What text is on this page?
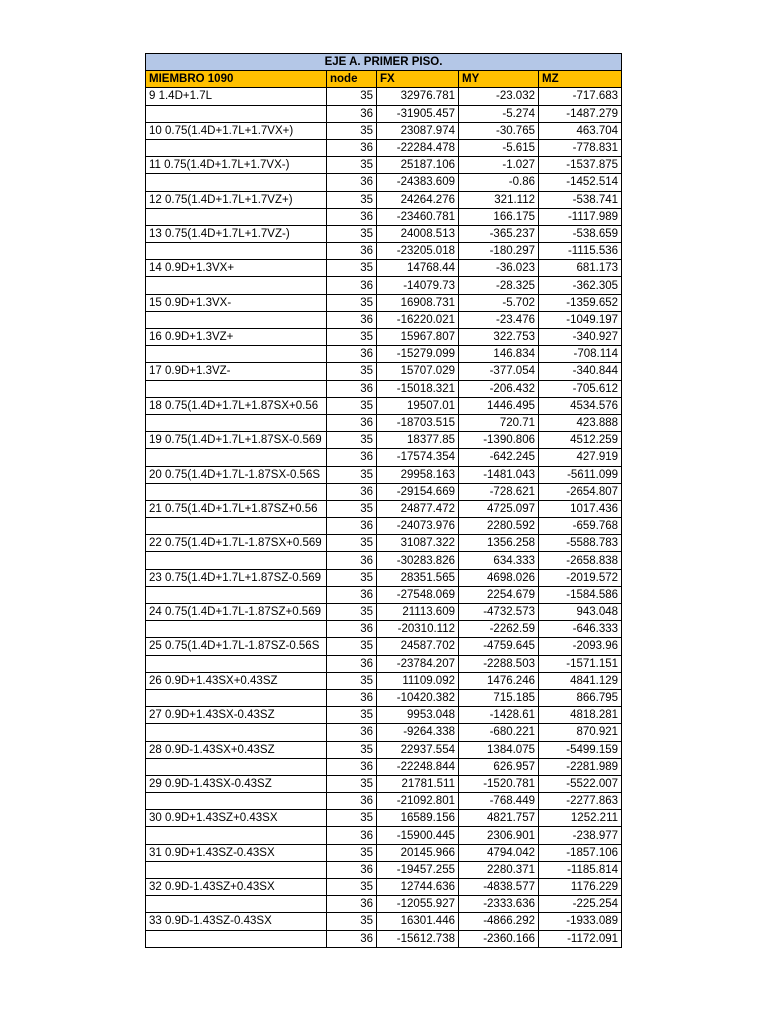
EJE A. PRIMER PISO.				
MIEMBRO 1090	node	FX	MY	MZ
9 1.4D+1.7L	35	32976.781	-23.032	-717.683
	36	-31905.457	-5.274	-1487.279
10 0.75(1.4D+1.7L+1.7VX+)	35	23087.974	-30.765	463.704
	36	-22284.478	-5.615	-778.831
11 0.75(1.4D+1.7L+1.7VX-)	35	25187.106	-1.027	-1537.875
	36	-24383.609	-0.86	-1452.514
12 0.75(1.4D+1.7L+1.7VZ+)	35	24264.276	321.112	-538.741
	36	-23460.781	166.175	-1117.989
13 0.75(1.4D+1.7L+1.7VZ-)	35	24008.513	-365.237	-538.659
	36	-23205.018	-180.297	-1115.536
14 0.9D+1.3VX+	35	14768.44	-36.023	681.173
	36	-14079.73	-28.325	-362.305
15 0.9D+1.3VX-	35	16908.731	-5.702	-1359.652
	36	-16220.021	-23.476	-1049.197
16 0.9D+1.3VZ+	35	15967.807	322.753	-340.927
	36	-15279.099	146.834	-708.114
17 0.9D+1.3VZ-	35	15707.029	-377.054	-340.844
	36	-15018.321	-206.432	-705.612
18 0.75(1.4D+1.7L+1.87SX+0.56	35	19507.01	1446.495	4534.576
	36	-18703.515	720.71	423.888
19 0.75(1.4D+1.7L+1.87SX-0.569	35	18377.85	-1390.806	4512.259
	36	-17574.354	-642.245	427.919
20 0.75(1.4D+1.7L-1.87SX-0.56S	35	29958.163	-1481.043	-5611.099
	36	-29154.669	-728.621	-2654.807
21 0.75(1.4D+1.7L+1.87SZ+0.56	35	24877.472	4725.097	1017.436
	36	-24073.976	2280.592	-659.768
22 0.75(1.4D+1.7L-1.87SX+0.569	35	31087.322	1356.258	-5588.783
	36	-30283.826	634.333	-2658.838
23 0.75(1.4D+1.7L+1.87SZ-0.569	35	28351.565	4698.026	-2019.572
	36	-27548.069	2254.679	-1584.586
24 0.75(1.4D+1.7L-1.87SZ+0.569	35	21113.609	-4732.573	943.048
	36	-20310.112	-2262.59	-646.333
25 0.75(1.4D+1.7L-1.87SZ-0.56S	35	24587.702	-4759.645	-2093.96
	36	-23784.207	-2288.503	-1571.151
26 0.9D+1.43SX+0.43SZ	35	11109.092	1476.246	4841.129
	36	-10420.382	715.185	866.795
27 0.9D+1.43SX-0.43SZ	35	9953.048	-1428.61	4818.281
	36	-9264.338	-680.221	870.921
28 0.9D-1.43SX+0.43SZ	35	22937.554	1384.075	-5499.159
	36	-22248.844	626.957	-2281.989
29 0.9D-1.43SX-0.43SZ	35	21781.511	-1520.781	-5522.007
	36	-21092.801	-768.449	-2277.863
30 0.9D+1.43SZ+0.43SX	35	16589.156	4821.757	1252.211
	36	-15900.445	2306.901	-238.977
31 0.9D+1.43SZ-0.43SX	35	20145.966	4794.042	-1857.106
	36	-19457.255	2280.371	-1185.814
32 0.9D-1.43SZ+0.43SX	35	12744.636	-4838.577	1176.229
	36	-12055.927	-2333.636	-225.254
33 0.9D-1.43SZ-0.43SX	35	16301.446	-4866.292	-1933.089
	36	-15612.738	-2360.166	-1172.091
